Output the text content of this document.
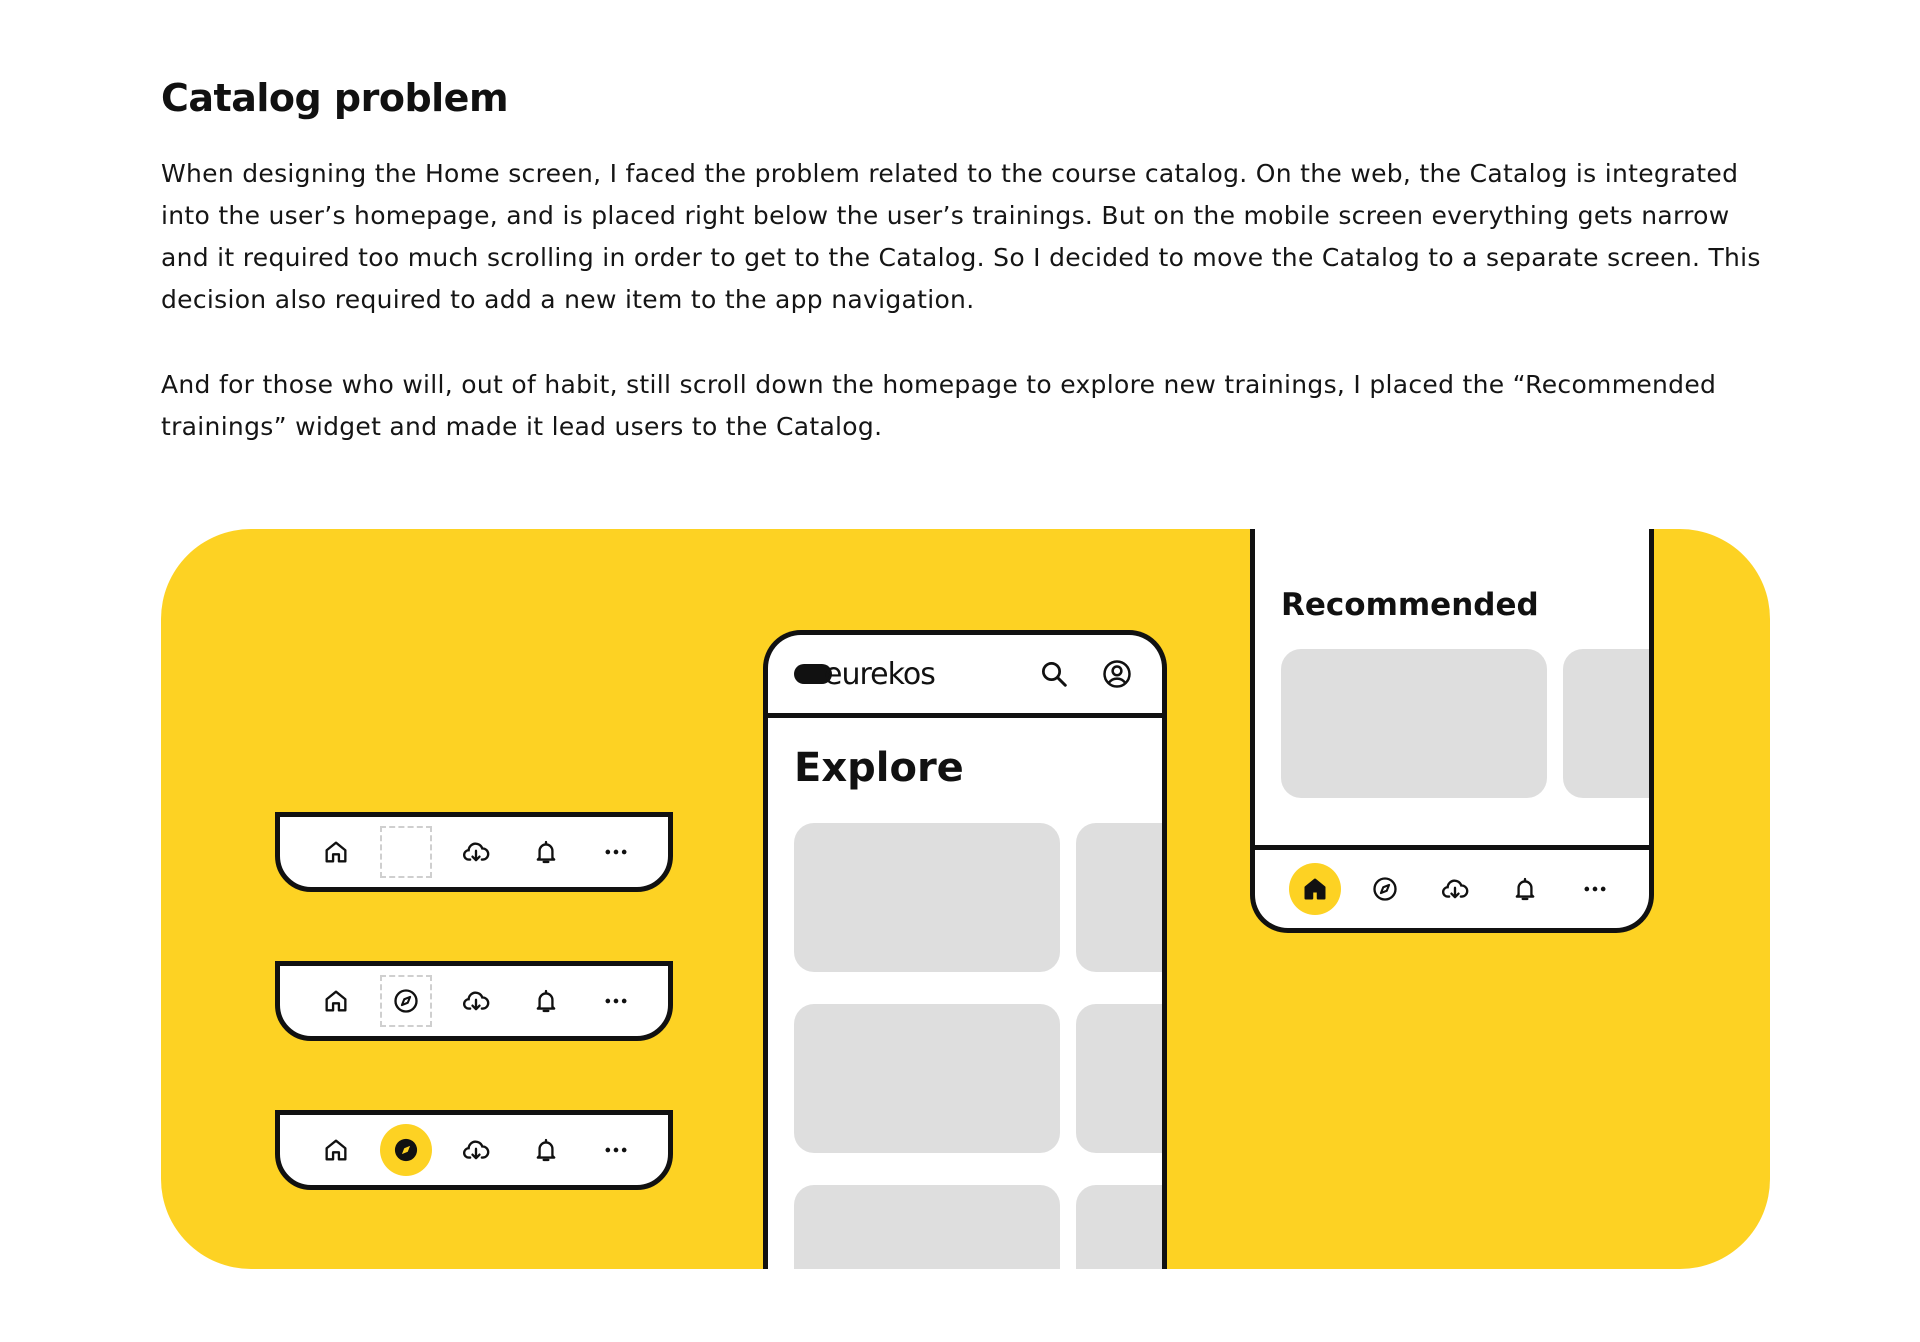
Catalog problem

When designing the Home screen, I faced the problem related to the course catalog. On the web, the Catalog is integrated into the user’s homepage, and is placed right below the user’s trainings. But on the mobile screen everything gets narrow and it required too much scrolling in order to get to the Catalog. So I decided to move the Catalog to a separate screen. This decision also required to add a new item to the app navigation.

And for those who will, out of habit, still scroll down the homepage to explore new trainings, I placed the “Recommended trainings” widget and made it lead users to the Catalog.

eurekos
Explore
Recommended
